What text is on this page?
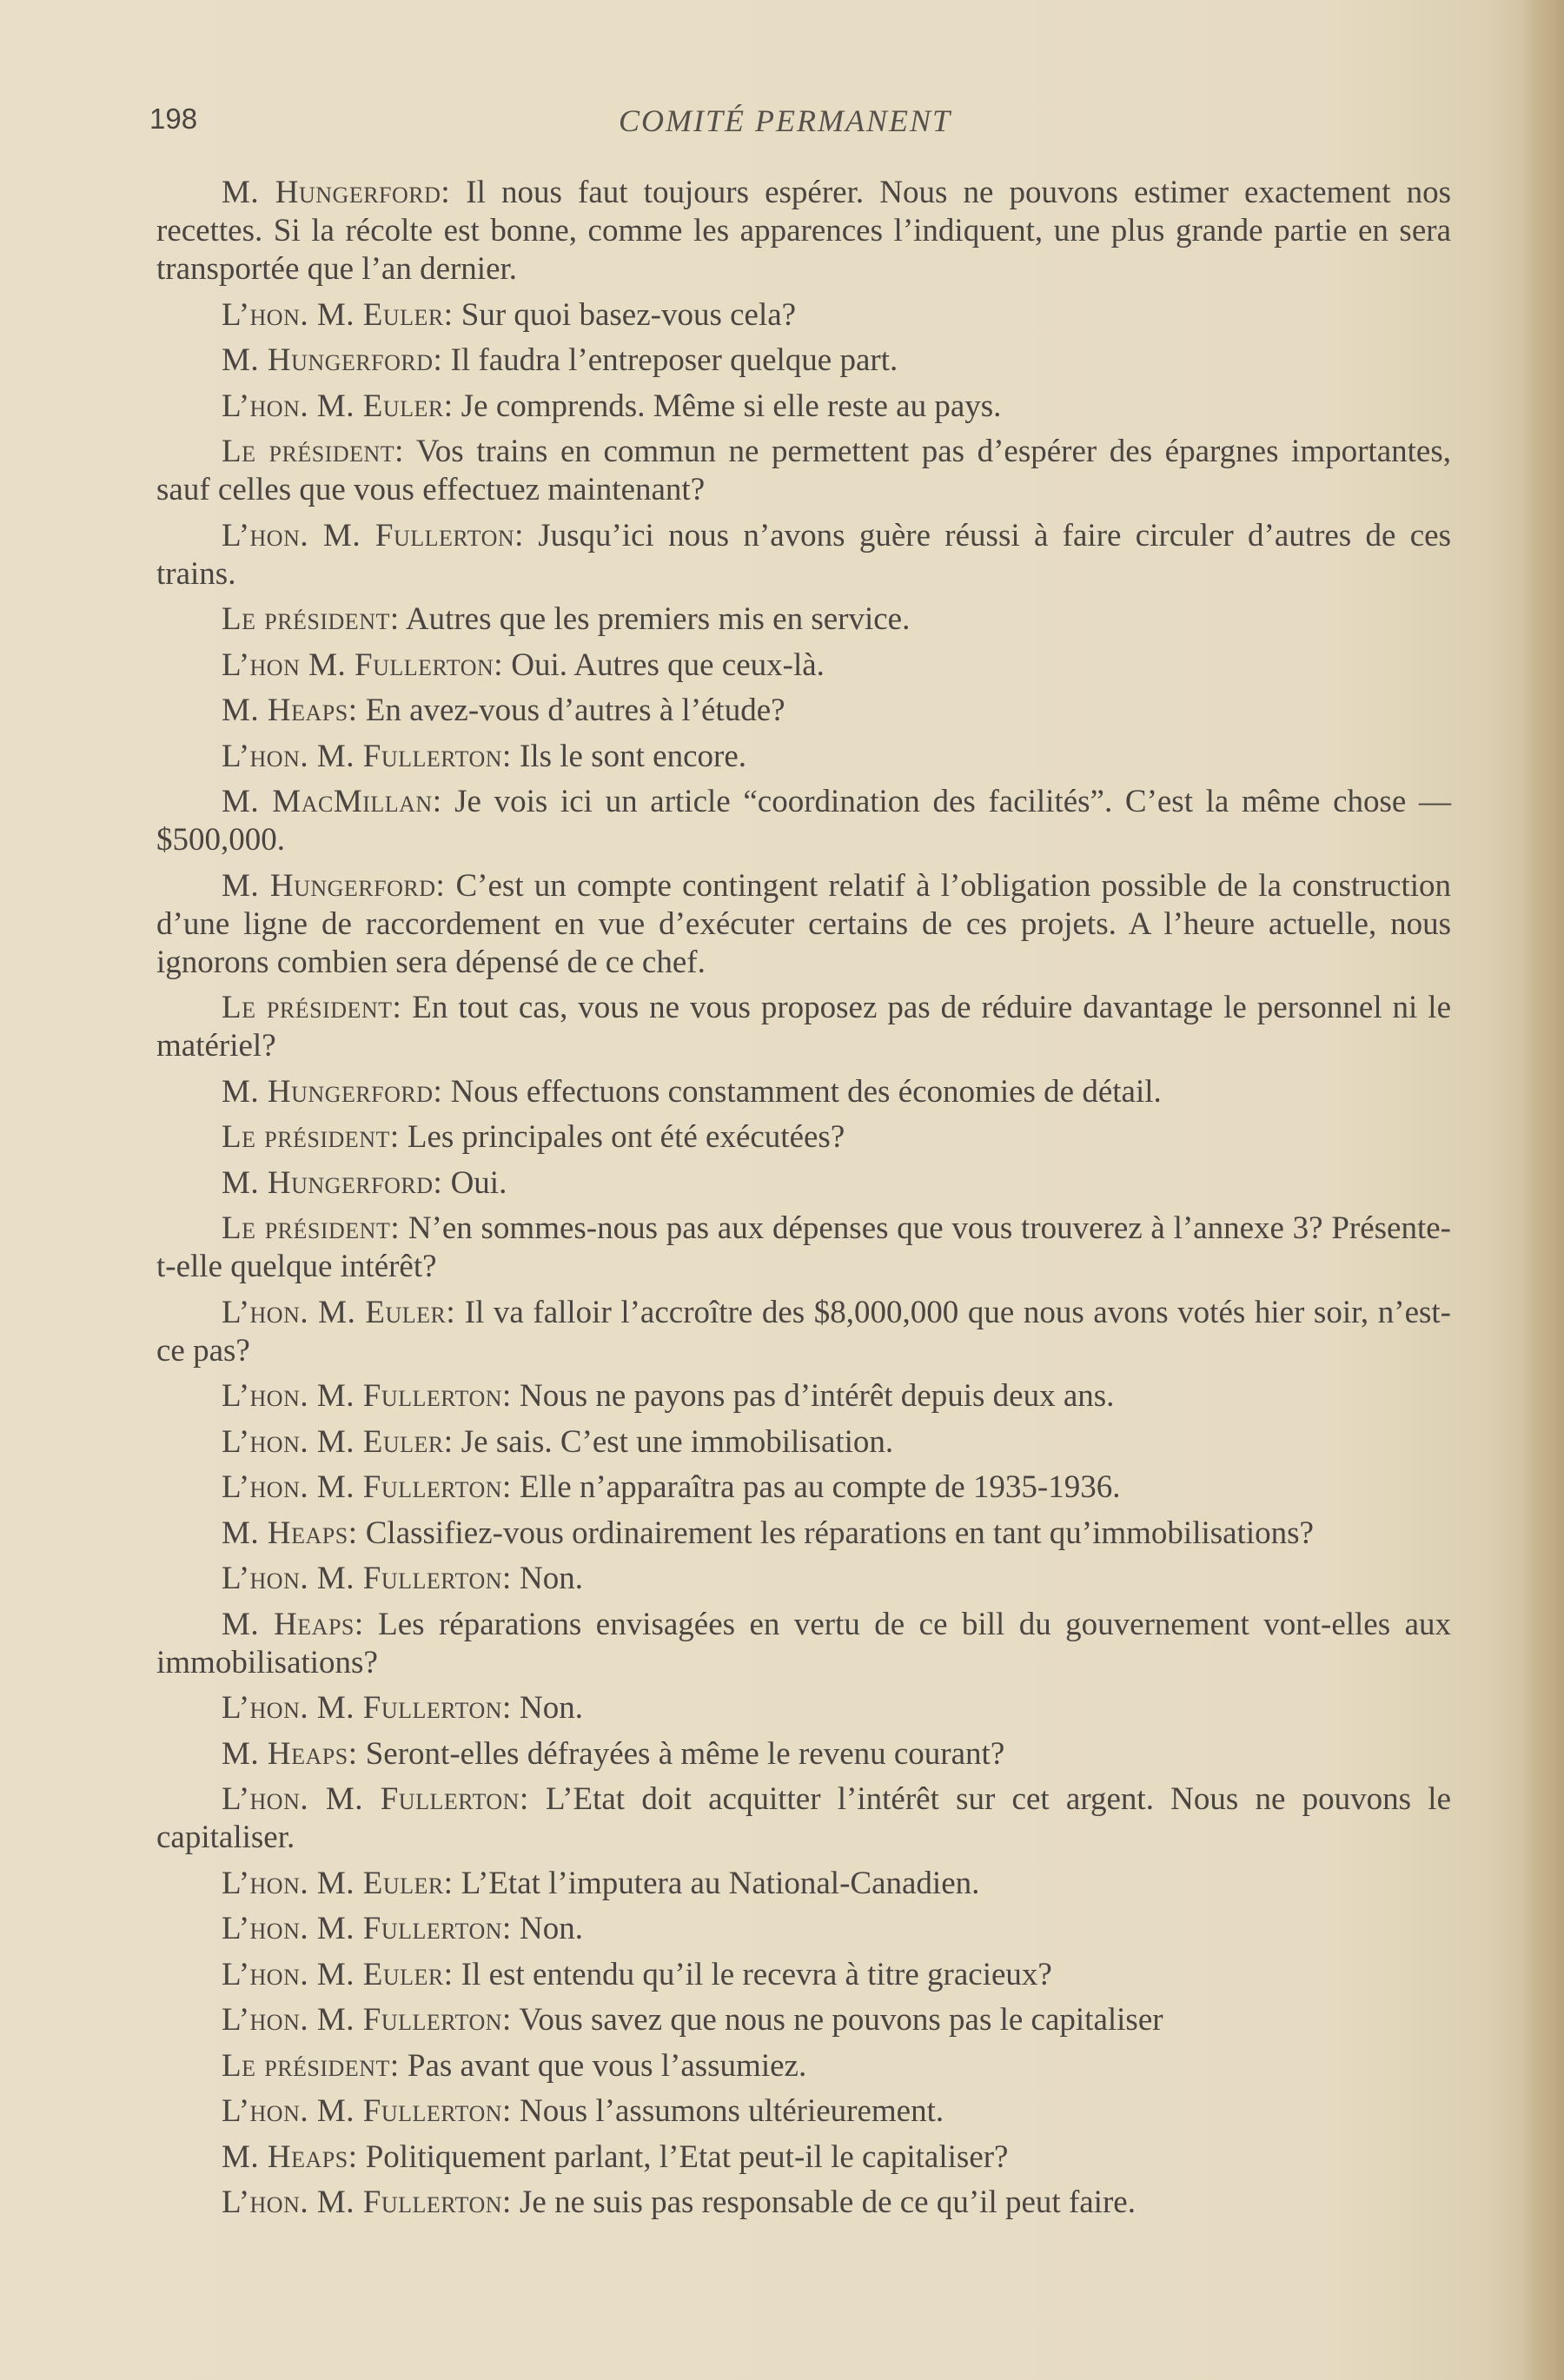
198	COMITÉ PERMANENT

M. Hungerford: Il nous faut toujours espérer. Nous ne pouvons estimer exactement nos recettes. Si la récolte est bonne, comme les apparences l’indiquent, une plus grande partie en sera transportée que l’an dernier.

L’hon. M. Euler: Sur quoi basez-vous cela?

M. Hungerford: Il faudra l’entreposer quelque part.

L’hon. M. Euler: Je comprends. Même si elle reste au pays.

Le président: Vos trains en commun ne permettent pas d’espérer des épargnes importantes, sauf celles que vous effectuez maintenant?

L’hon. M. Fullerton: Jusqu’ici nous n’avons guère réussi à faire circuler d’autres de ces trains.

Le président: Autres que les premiers mis en service.

L’hon M. Fullerton: Oui. Autres que ceux-là.

M. Heaps: En avez-vous d’autres à l’étude?

L’hon. M. Fullerton: Ils le sont encore.

M. MacMillan: Je vois ici un article “coordination des facilités”. C’est la même chose — $500,000.

M. Hungerford: C’est un compte contingent relatif à l’obligation possible de la construction d’une ligne de raccordement en vue d’exécuter certains de ces projets. A l’heure actuelle, nous ignorons combien sera dépensé de ce chef.

Le président: En tout cas, vous ne vous proposez pas de réduire davantage le personnel ni le matériel?

M. Hungerford: Nous effectuons constamment des économies de détail.

Le président: Les principales ont été exécutées?

M. Hungerford: Oui.

Le président: N’en sommes-nous pas aux dépenses que vous trouverez à l’annexe 3? Présente-t-elle quelque intérêt?

L’hon. M. Euler: Il va falloir l’accroître des $8,000,000 que nous avons votés hier soir, n’est-ce pas?

L’hon. M. Fullerton: Nous ne payons pas d’intérêt depuis deux ans.

L’hon. M. Euler: Je sais. C’est une immobilisation.

L’hon. M. Fullerton: Elle n’apparaîtra pas au compte de 1935-1936.

M. Heaps: Classifiez-vous ordinairement les réparations en tant qu’immobilisations?

L’hon. M. Fullerton: Non.

M. Heaps: Les réparations envisagées en vertu de ce bill du gouvernement vont-elles aux immobilisations?

L’hon. M. Fullerton: Non.

M. Heaps: Seront-elles défrayées à même le revenu courant?

L’hon. M. Fullerton: L’Etat doit acquitter l’intérêt sur cet argent. Nous ne pouvons le capitaliser.

L’hon. M. Euler: L’Etat l’imputera au National-Canadien.

L’hon. M. Fullerton: Non.

L’hon. M. Euler: Il est entendu qu’il le recevra à titre gracieux?

L’hon. M. Fullerton: Vous savez que nous ne pouvons pas le capitaliser

Le président: Pas avant que vous l’assumiez.

L’hon. M. Fullerton: Nous l’assumons ultérieurement.

M. Heaps: Politiquement parlant, l’Etat peut-il le capitaliser?

L’hon. M. Fullerton: Je ne suis pas responsable de ce qu’il peut faire.
